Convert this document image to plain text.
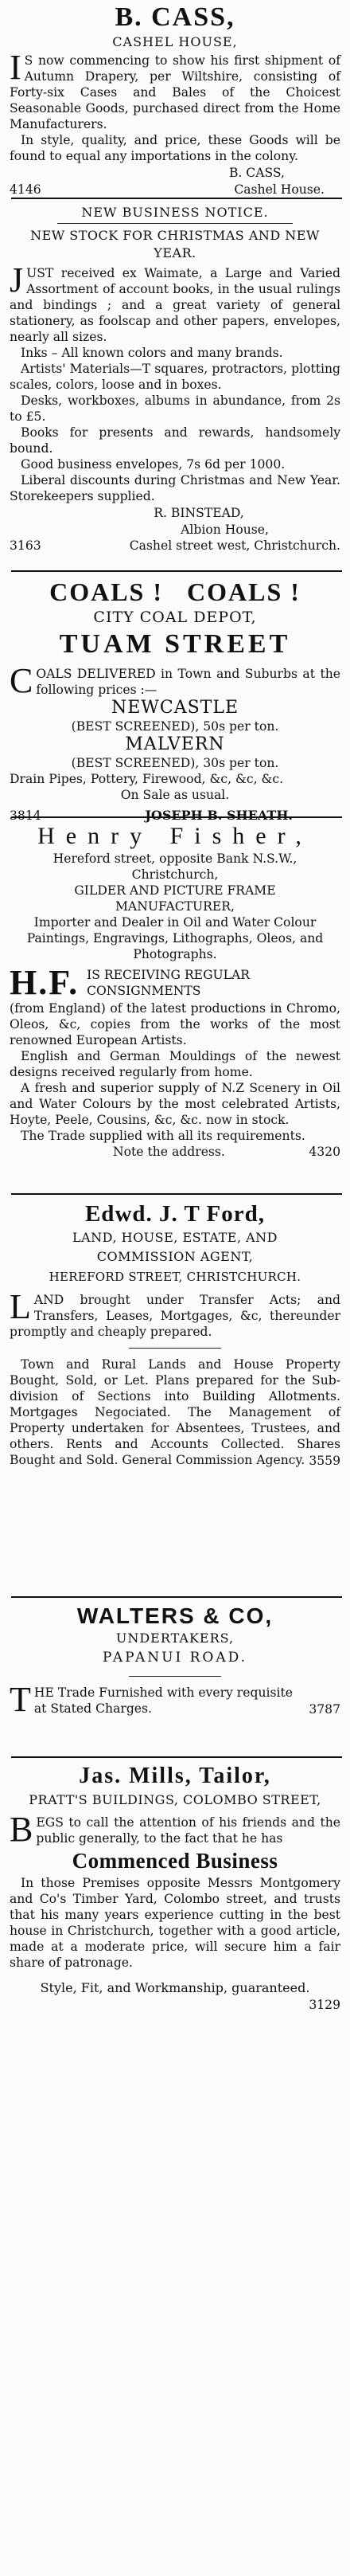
B. CASS,
CASHEL HOUSE,

IS now commencing to show his first shipment of Autumn Drapery, per Wiltshire, consisting of Forty-six Cases and Bales of the Choicest Seasonable Goods, purchased direct from the Home Manufacturers.

In style, quality, and price, these Goods will be found to equal any importations in the colony.

B. CASS,
4146	Cashel House.
NEW BUSINESS NOTICE.
NEW STOCK FOR CHRISTMAS AND NEW YEAR.

JUST received ex Waimate, a Large and Varied Assortment of account books, in the usual rulings and bindings ; and a great variety of general stationery, as foolscap and other papers, envelopes, nearly all sizes.

Inks – All known colors and many brands.

Artists' Materials—T squares, protractors, plotting scales, colors, loose and in boxes.

Desks, workboxes, albums in abundance, from 2s to £5.

Books for presents and rewards, handsomely bound.

Good business envelopes, 7s 6d per 1000.

Liberal discounts during Christmas and New Year. Storekeepers supplied.

R. BINSTEAD,
Albion House,
3163	Cashel street west, Christchurch.
COALS !   COALS !
CITY COAL DEPOT,
TUAM STREET

COALS DELIVERED in Town and Suburbs at the following prices :—

NEWCASTLE
(BEST SCREENED), 50s per ton.
MALVERN
(BEST SCREENED), 30s per ton.

Drain Pipes, Pottery, Firewood, &c, &c, &c.

On Sale as usual.
3814	JOSEPH B. SHEATH.
Henry Fisher,

Hereford street, opposite Bank N.S.W., Christchurch,

GILDER AND PICTURE FRAME MANUFACTURER,

Importer and Dealer in Oil and Water Colour Paintings, Engravings, Lithographs, Oleos, and Photographs.

H.F. IS RECEIVING REGULAR CONSIGNMENTS

(from England) of the latest productions in Chromo, Oleos, &c, copies from the works of the most renowned European Artists.

English and German Mouldings of the newest designs received regularly from home.

A fresh and superior supply of N.Z Scenery in Oil and Water Colours by the most celebrated Artists, Hoyte, Peele, Cousins, &c, &c. now in stock.

The Trade supplied with all its requirements.

Note the address.	4320
Edwd. J. T Ford,
LAND, HOUSE, ESTATE, AND
COMMISSION AGENT,
HEREFORD STREET, CHRISTCHURCH.

LAND brought under Transfer Acts; and Transfers, Leases, Mortgages, &c, thereunder promptly and cheaply prepared.

Town and Rural Lands and House Property Bought, Sold, or Let. Plans prepared for the Sub-division of Sections into Building Allotments. Mortgages Negociated. The Management of Property undertaken for Absentees, Trustees, and others. Rents and Accounts Collected. Shares Bought and Sold. General Commission Agency. 3559
WALTERS & CO,
UNDERTAKERS,
PAPANUI ROAD.

THE Trade Furnished with every requisite at Stated Charges.	3787
Jas. Mills, Tailor,
PRATT'S BUILDINGS, COLOMBO STREET,

BEGS to call the attention of his friends and the public generally, to the fact that he has

Commenced Business

In those Premises opposite Messrs Montgomery and Co's Timber Yard, Colombo street, and trusts that his many years experience cutting in the best house in Christchurch, together with a good article, made at a moderate price, will secure him a fair share of patronage.

Style, Fit, and Workmanship, guaranteed.
3129
